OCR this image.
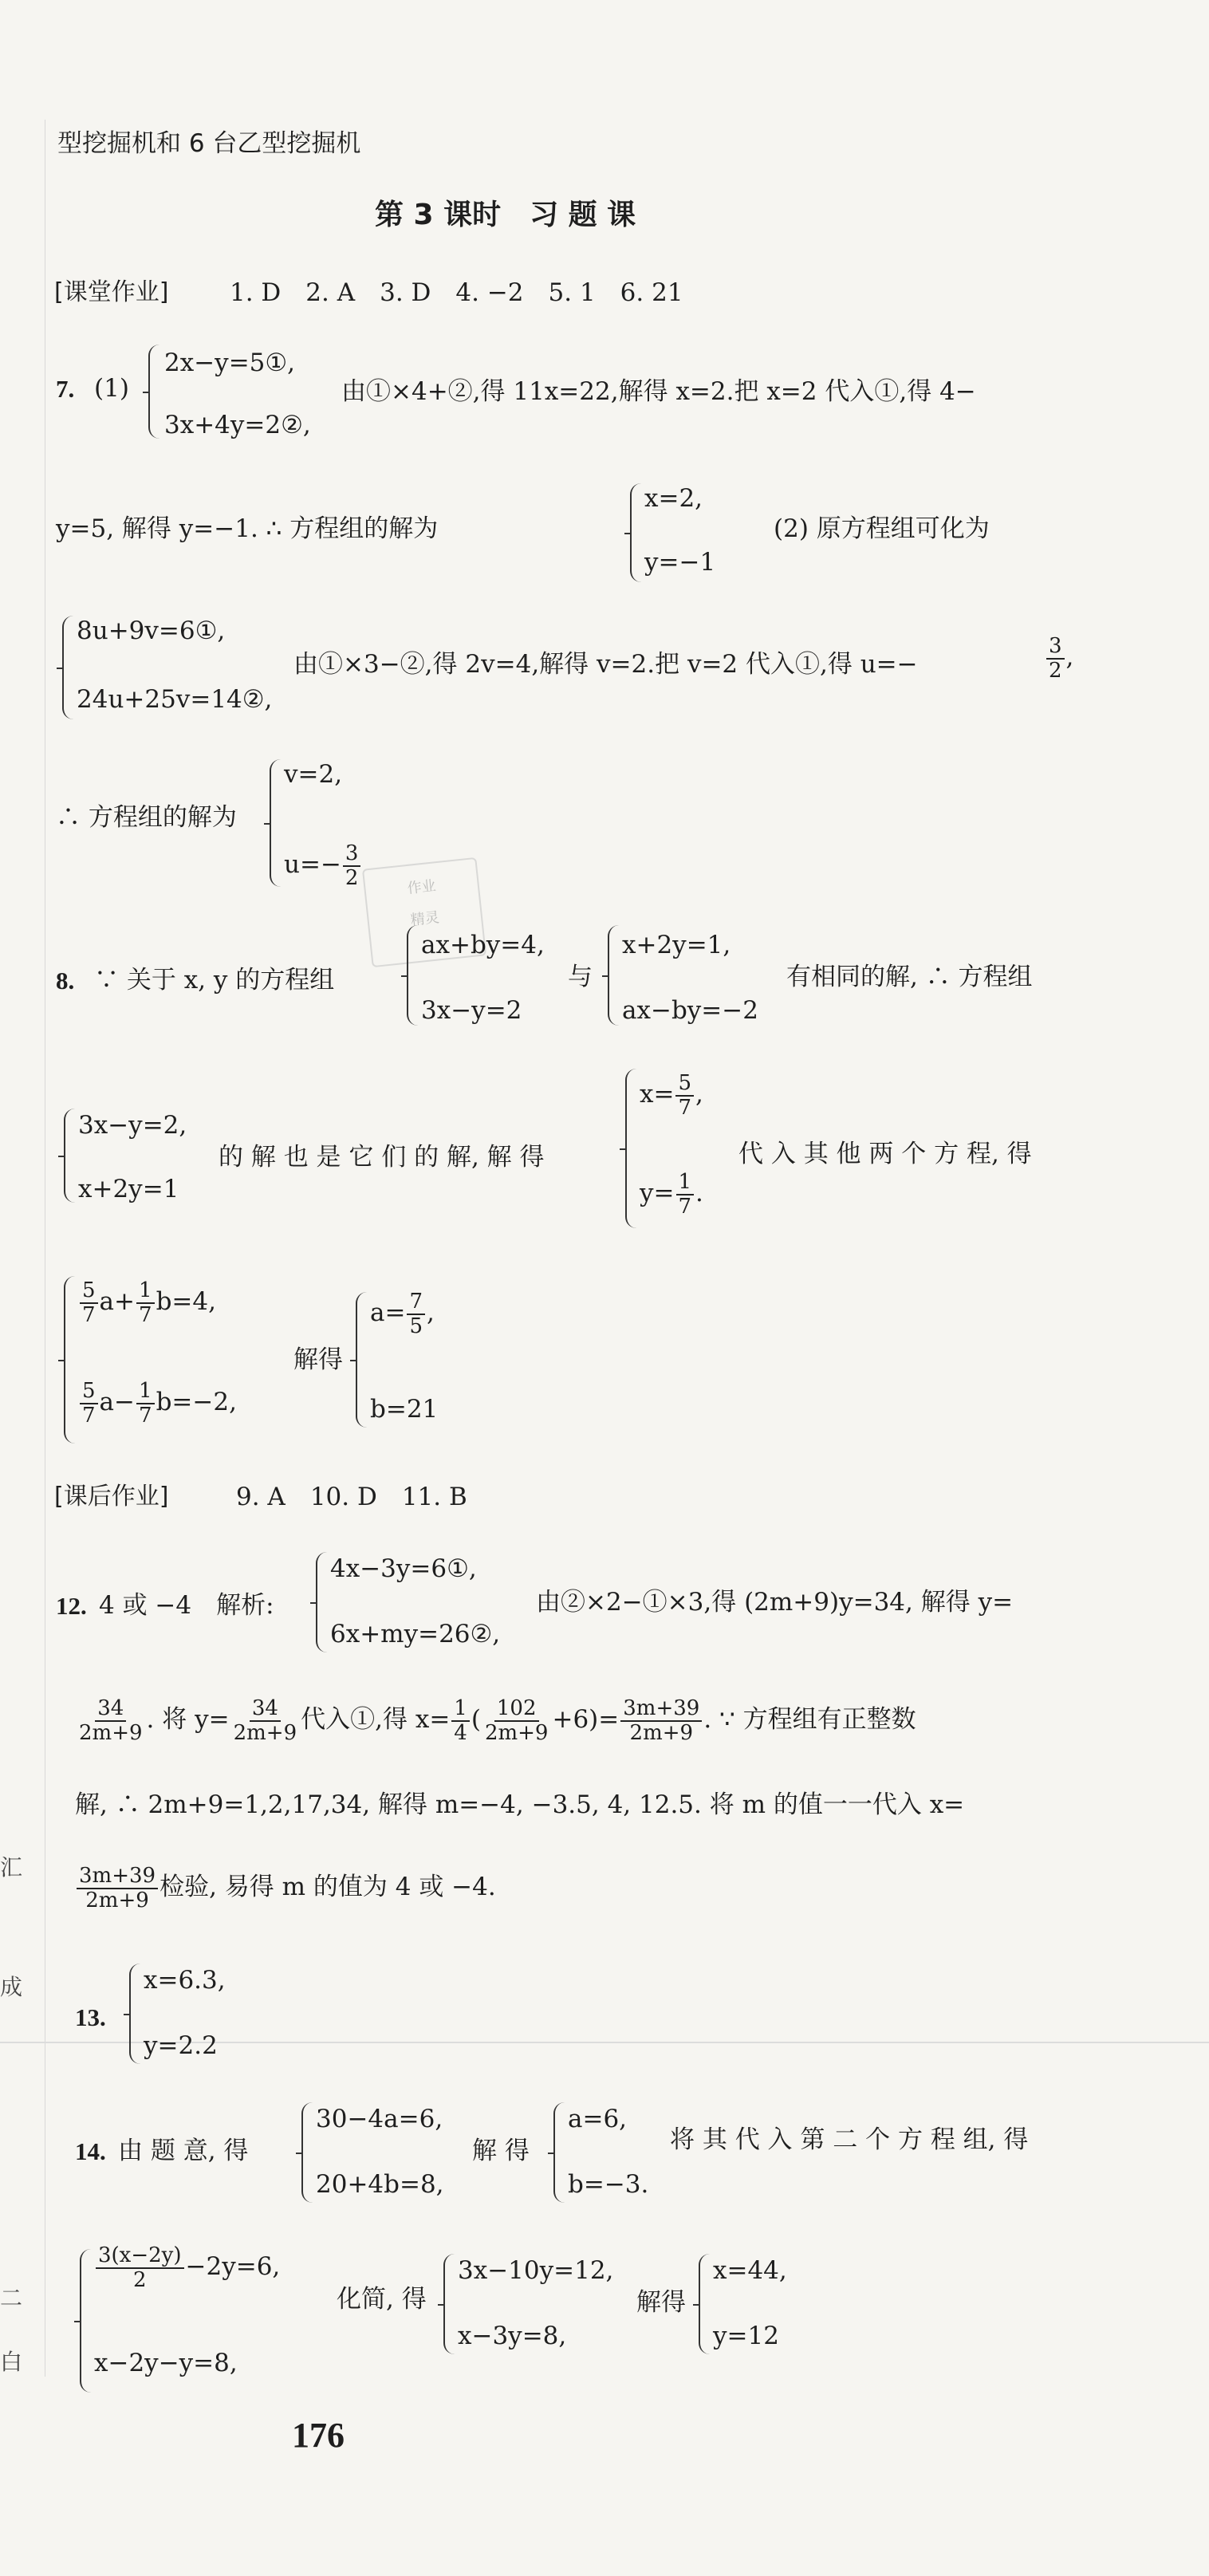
汇
成
二
白
型挖掘机和 6 台乙型挖掘机
第 3 课时　习 题 课
[课堂作业] 1. D　2. A　3. D　4. −2　5. 1　6. 21
7. (1)
2x−y=5①,
3x+4y=2②,
由①×4+②,得 11x=22,解得 x=2.把 x=2 代入①,得 4−
y=5, 解得 y=−1. ∴ 方程组的解为
x=2,
y=−1
(2) 原方程组可化为
8u+9v=6①,
24u+25v=14②,
由①×3−②,得 2v=4,解得 v=2.把 v=2 代入①,得 u=−	$\frac{3}{2}$ ,
∴ 方程组的解为
v=2,
$u=- \frac{3}{2}$	作业
精灵
8. ∵ 关于 x, y 的方程组
ax+by=4,
3x−y=2
与
x+2y=1,
ax−by=−2
有相同的解, ∴ 方程组
3x−y=2,
x+2y=1
的 解 也 是 它 们 的 解, 解 得
$x= \frac{5}{7}$ ,
$y= \frac{1}{7}$ .
代 入 其 他 两 个 方 程, 得
$\frac{5}{7} a+ \frac{1}{7} b=4$,
$\frac{5}{7} a- \frac{1}{7} b=-2$,
解得
$a= \frac{7}{5}$ ,
b=21
[课后作业]	9. A　10. D　11. B
12. 4 或 −4　解析:
4x−3y=6①,
6x+my=26②,
由②×2−①×3,得 (2m+9)y=34, 解得 y=
$\frac{34}{2m+9}$ . 将 $y= \frac{34}{2m+9}$ 代入①,得 $x= \frac{1}{4}$ ( $\frac{102}{2m+9} +6)= \frac{3m+39}{2m+9}$ . ∵ 方程组有正整数
解, ∴ 2m+9=1,2,17,34, 解得 m=−4, −3.5, 4, 12.5. 将 m 的值一一代入 x=
$\frac{3m+39}{2m+9}$ 检验, 易得 m 的值为 4 或 −4.
13.
x=6.3,
y=2.2
14. 由 题 意, 得
30−4a=6,
20+4b=8,
解 得
a=6,
b=−3.
将 其 代 入 第 二 个 方 程 组, 得
$\frac{3(x-2y)}{2} -2y=6$,
x−2y−y=8,
化简, 得
3x−10y=12,
x−3y=8,
解得
x=44,
y=12
176
